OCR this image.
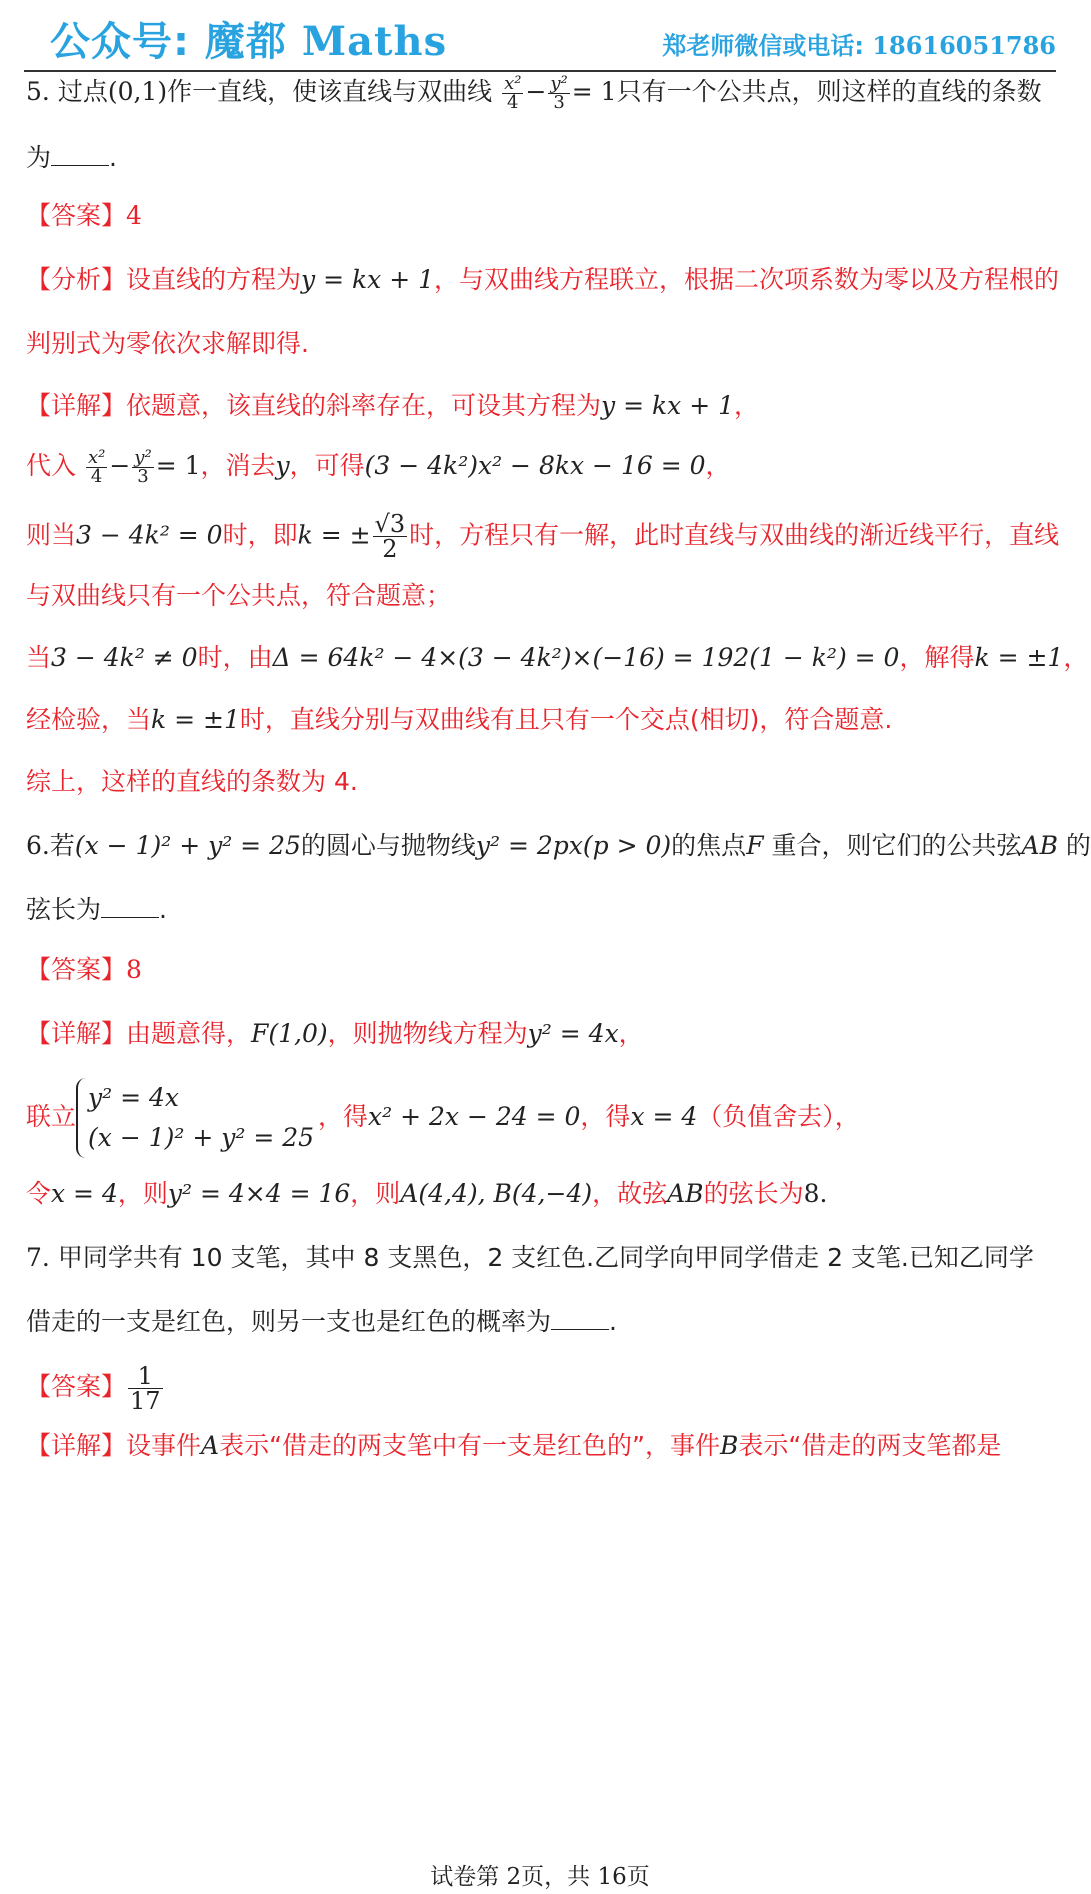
公众号: 魔都 Maths	郑老师微信或电话: 18616051786
5. 过点(0,1)作一直线，使该直线与双曲线 $\frac{\text{x²}}{4} - \frac{\text{y²}}{3} = 1$只有一个公共点，则这样的直线的条数
为 .
【答案】4
【分析】设直线的方程为y = kx + 1，与双曲线方程联立，根据二次项系数为零以及方程根的
判别式为零依次求解即得.
【详解】依题意，该直线的斜率存在，可设其方程为y = kx + 1，
代入 $\frac{\text{x²}}{4} - \frac{\text{y²}}{3} = 1$，消去y，可得(3 − 4k²)x² − 8kx − 16 = 0，
则当3 − 4k² = 0时，即k = ± $\frac{√3}{2}$ 时，方程只有一解，此时直线与双曲线的渐近线平行，直线
与双曲线只有一个公共点，符合题意；
当3 − 4k² ≠ 0时，由Δ = 64k² − 4×(3 − 4k²)×(−16) = 192(1 − k²) = 0，解得k = ±1，
经检验，当k = ±1时，直线分别与双曲线有且只有一个交点(相切)，符合题意.
综上，这样的直线的条数为 4.
6.若(x − 1)² + y² = 25的圆心与抛物线y² = 2px(p > 0)的焦点F 重合，则它们的公共弦AB 的
弦长为 .
【答案】8
【详解】由题意得，F(1,0)，则抛物线方程为y² = 4x，
联立
y² = 4x
(x − 1)² + y² = 25
，得x² + 2x − 24 = 0，得x = 4（负值舍去），
令x = 4，则y² = 4×4 = 16，则A(4,4), B(4,−4)，故弦AB的弦长为8.
7. 甲同学共有 10 支笔，其中 8 支黑色，2 支红色.乙同学向甲同学借走 2 支笔.已知乙同学
借走的一支是红色，则另一支也是红色的概率为 .
【答案】 $\frac{1}{17}$
【详解】设事件A表示“借走的两支笔中有一支是红色的”，事件B表示“借走的两支笔都是
试卷第 2页，共 16页
